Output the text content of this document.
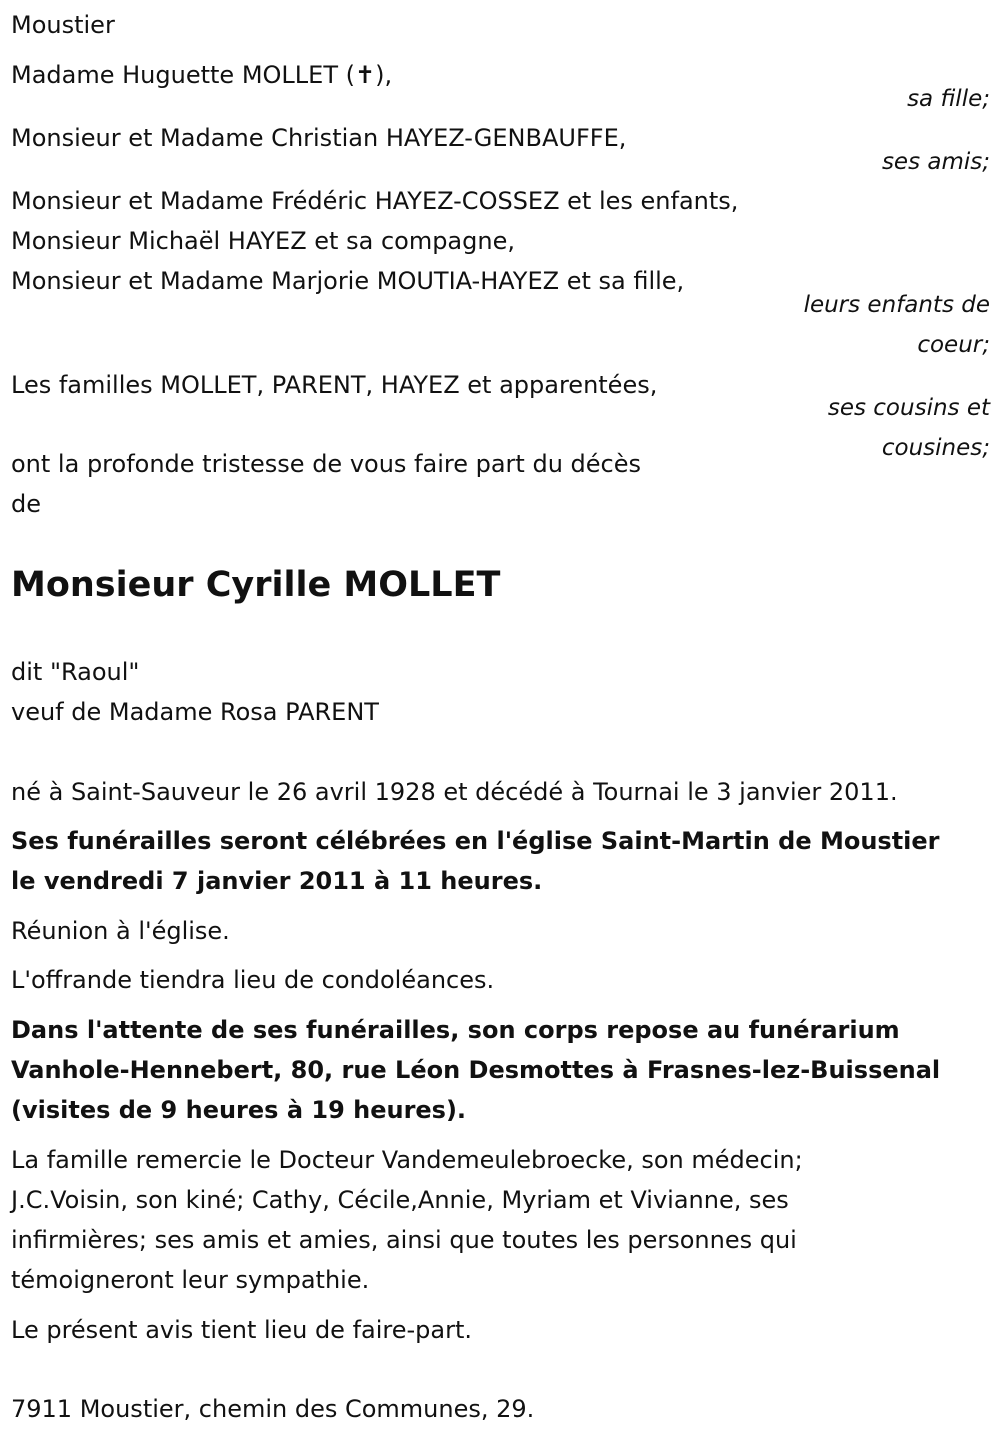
Moustier

Madame Huguette MOLLET (✝),

Monsieur et Madame Christian HAYEZ-GENBAUFFE,

Monsieur et Madame Frédéric HAYEZ-COSSEZ et les enfants,

Monsieur Michaël HAYEZ et sa compagne,

Monsieur et Madame Marjorie MOUTIA-HAYEZ et sa fille,

Les familles MOLLET, PARENT, HAYEZ et apparentées,

sa fille;
ses amis;
leurs enfants de
coeur;
ses cousins et
cousines;

ont la profonde tristesse de vous faire part du décès

de

Monsieur Cyrille MOLLET

dit "Raoul"

veuf de Madame Rosa PARENT

né à Saint-Sauveur le 26 avril 1928 et décédé à Tournai le 3 janvier 2011.

Ses funérailles seront célébrées en l'église Saint-Martin de Moustier

le vendredi 7 janvier 2011 à 11 heures.

Réunion à l'église.

L'offrande tiendra lieu de condoléances.

Dans l'attente de ses funérailles, son corps repose au funérarium

Vanhole-Hennebert, 80, rue Léon Desmottes à Frasnes-lez-Buissenal

(visites de 9 heures à 19 heures).

La famille remercie le Docteur Vandemeulebroecke, son médecin;

J.C.Voisin, son kiné; Cathy, Cécile,Annie, Myriam et Vivianne, ses

infirmières; ses amis et amies, ainsi que toutes les personnes qui

témoigneront leur sympathie.

Le présent avis tient lieu de faire-part.

7911 Moustier, chemin des Communes, 29.
